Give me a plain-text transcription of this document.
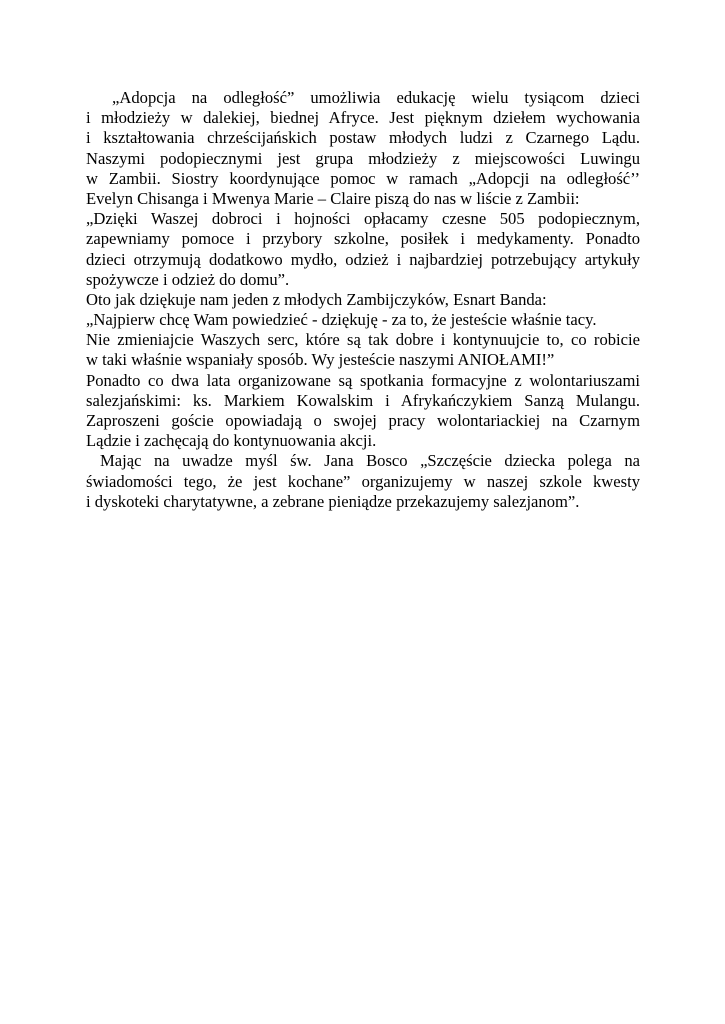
„Adopcja na odległość” umożliwia edukację wielu tysiącom dzieci
i młodzieży w dalekiej, biednej Afryce. Jest pięknym dziełem wychowania
i kształtowania chrześcijańskich postaw młodych ludzi z Czarnego Lądu.
Naszymi podopiecznymi jest grupa młodzieży z miejscowości Luwingu
w Zambii. Siostry koordynujące pomoc w ramach „Adopcji na odległość’’
Evelyn Chisanga i Mwenya Marie – Claire piszą do nas w liście z Zambii:
„Dzięki Waszej dobroci i hojności opłacamy czesne 505 podopiecznym,
zapewniamy pomoce i przybory szkolne, posiłek i medykamenty. Ponadto
dzieci otrzymują dodatkowo mydło, odzież i najbardziej potrzebujący artykuły
spożywcze i odzież do domu”.
Oto jak dziękuje nam jeden z młodych Zambijczyków, Esnart Banda:
„Najpierw chcę Wam powiedzieć - dziękuję - za to, że jesteście właśnie tacy.
Nie zmieniajcie Waszych serc, które są tak dobre i kontynuujcie to, co robicie
w taki właśnie wspaniały sposób. Wy jesteście naszymi ANIOŁAMI!”
Ponadto co dwa lata organizowane są spotkania formacyjne z wolontariuszami
salezjańskimi: ks. Markiem Kowalskim i Afrykańczykiem Sanzą Mulangu.
Zaproszeni goście opowiadają o swojej pracy wolontariackiej na Czarnym
Lądzie i zachęcają do kontynuowania akcji.
Mając na uwadze myśl św. Jana Bosco „Szczęście dziecka polega na
świadomości tego, że jest kochane” organizujemy w naszej szkole kwesty
i dyskoteki charytatywne, a zebrane pieniądze przekazujemy salezjanom”.
